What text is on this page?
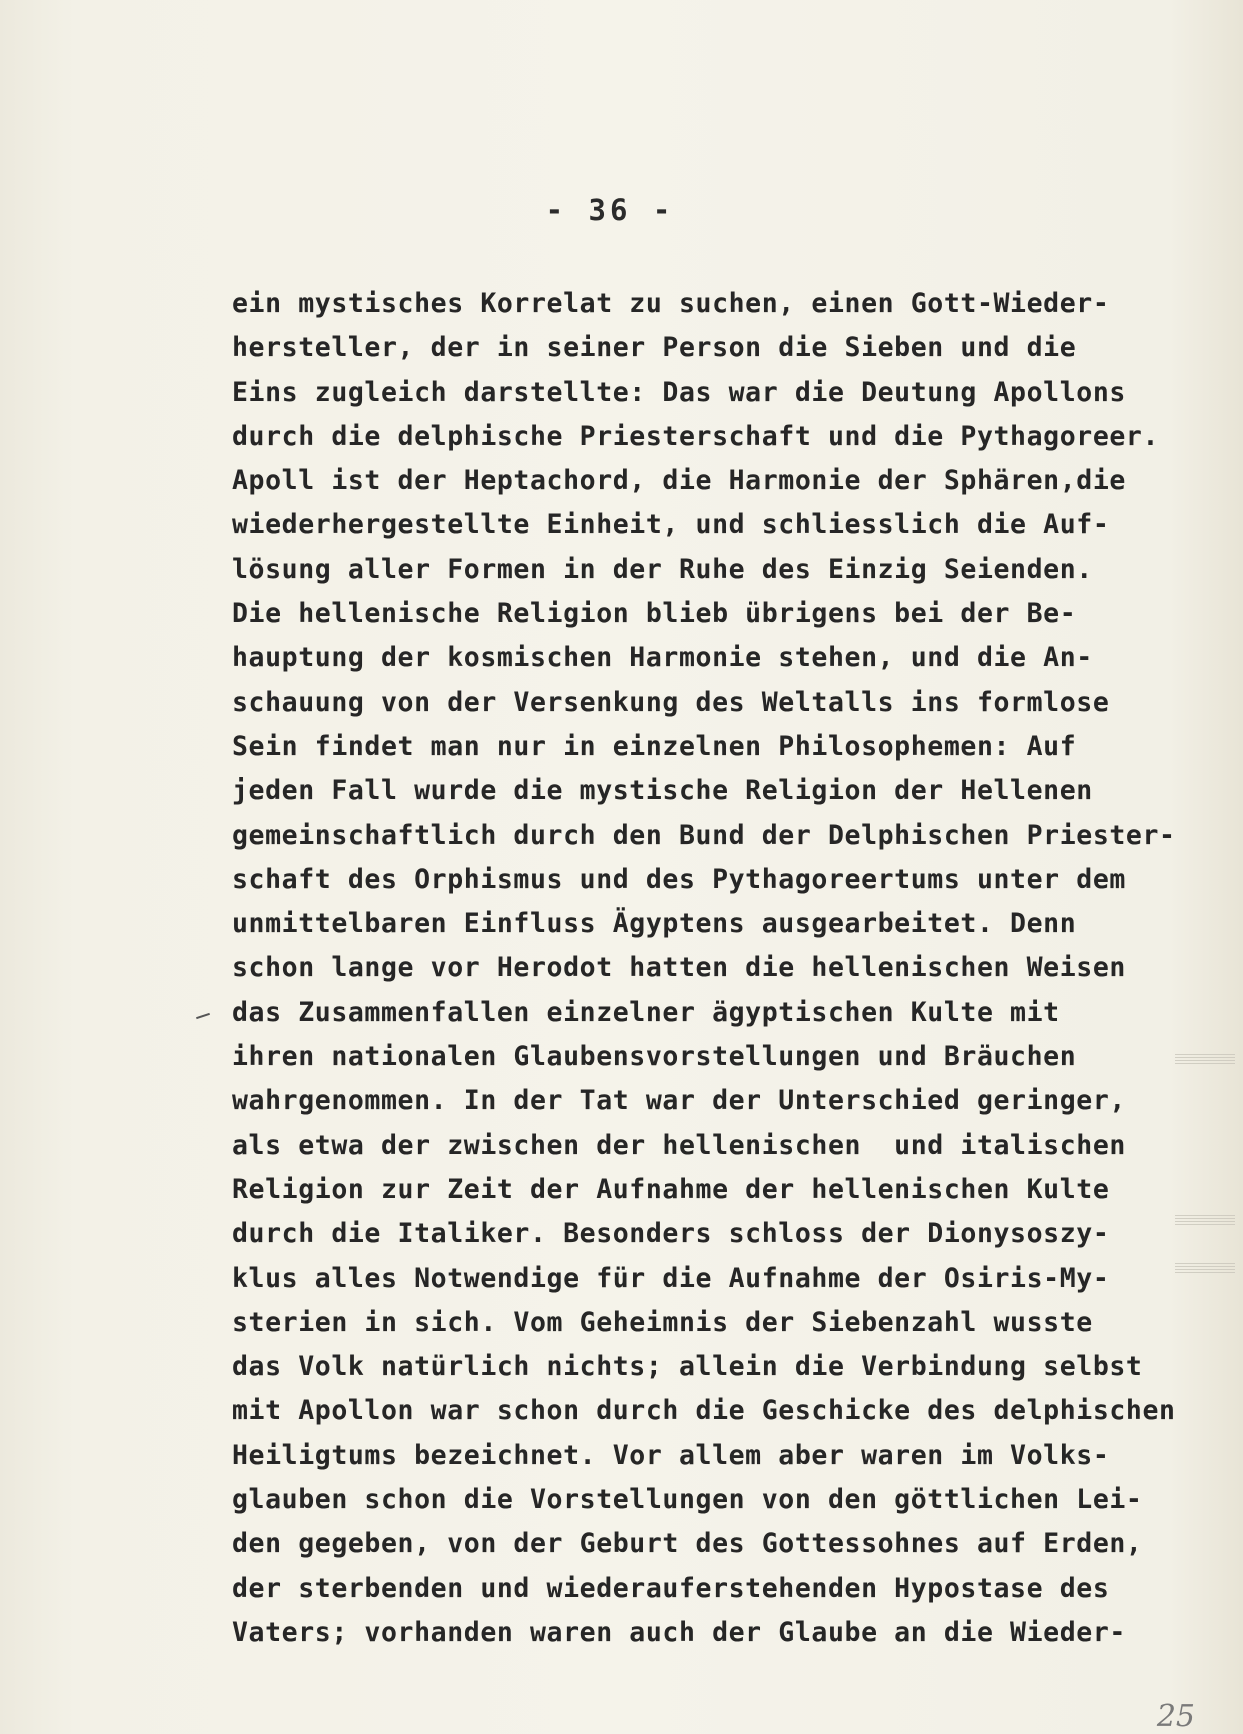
- 36 -
ein mystisches Korrelat zu suchen, einen Gott-Wieder-
hersteller, der in seiner Person die Sieben und die
Eins zugleich darstellte: Das war die Deutung Apollons
durch die delphische Priesterschaft und die Pythagoreer.
Apoll ist der Heptachord, die Harmonie der Sphären,die
wiederhergestellte Einheit, und schliesslich die Auf-
lösung aller Formen in der Ruhe des Einzig Seienden.
Die hellenische Religion blieb übrigens bei der Be-
hauptung der kosmischen Harmonie stehen, und die An-
schauung von der Versenkung des Weltalls ins formlose
Sein findet man nur in einzelnen Philosophemen: Auf
jeden Fall wurde die mystische Religion der Hellenen
gemeinschaftlich durch den Bund der Delphischen Priester-
schaft des Orphismus und des Pythagoreertums unter dem
unmittelbaren Einfluss Ägyptens ausgearbeitet. Denn
schon lange vor Herodot hatten die hellenischen Weisen
das Zusammenfallen einzelner ägyptischen Kulte mit
ihren nationalen Glaubensvorstellungen und Bräuchen
wahrgenommen. In der Tat war der Unterschied geringer,
als etwa der zwischen der hellenischen  und italischen
Religion zur Zeit der Aufnahme der hellenischen Kulte
durch die Italiker. Besonders schloss der Dionysoszy-
klus alles Notwendige für die Aufnahme der Osiris-My-
sterien in sich. Vom Geheimnis der Siebenzahl wusste
das Volk natürlich nichts; allein die Verbindung selbst
mit Apollon war schon durch die Geschicke des delphischen
Heiligtums bezeichnet. Vor allem aber waren im Volks-
glauben schon die Vorstellungen von den göttlichen Lei-
den gegeben, von der Geburt des Gottessohnes auf Erden,
der sterbenden und wiederauferstehenden Hypostase des
Vaters; vorhanden waren auch der Glaube an die Wieder-
25
